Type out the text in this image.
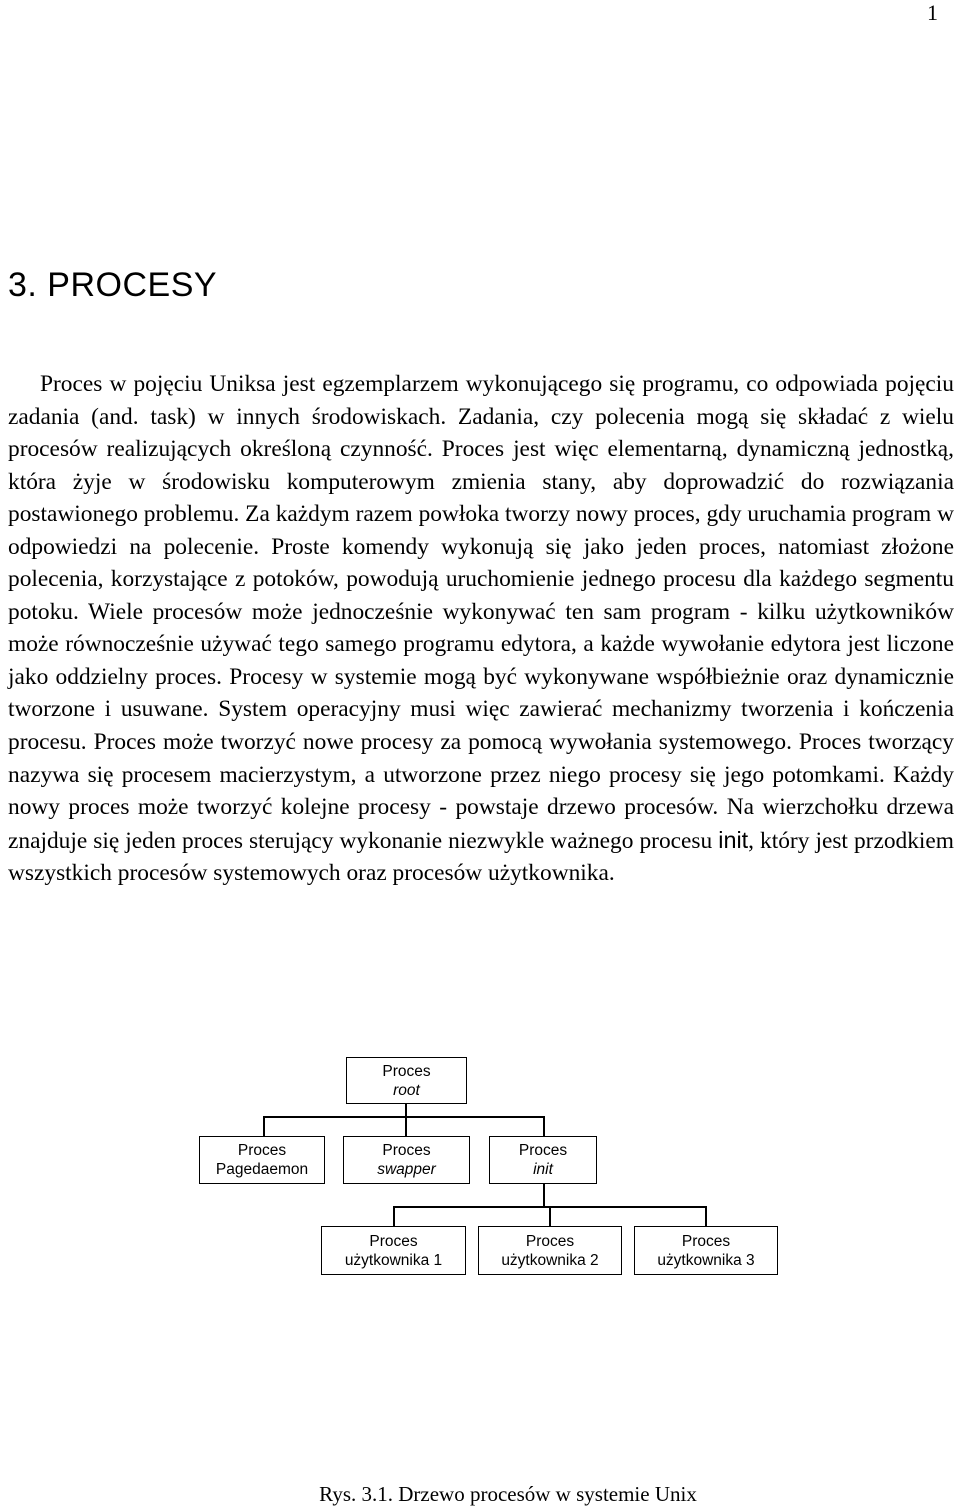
1
3. PROCESY

Proces w pojęciu Uniksa jest egzemplarzem wykonującego się programu, co odpowiada pojęciu zadania (and. task) w innych środowiskach. Zadania, czy polecenia mogą się składać z wielu procesów realizujących określoną czynność. Proces jest więc elementarną, dynamiczną jednostką, która żyje w środowisku komputerowym zmienia stany, aby doprowadzić do rozwiązania postawionego problemu. Za każdym razem powłoka tworzy nowy proces, gdy uruchamia program w odpowiedzi na polecenie. Proste komendy wykonują się jako jeden proces, natomiast złożone polecenia, korzystające z potoków, powodują uruchomienie jednego procesu dla każdego segmentu potoku. Wiele procesów może jednocześnie wykonywać ten sam program - kilku użytkowników może równocześnie używać tego samego programu edytora, a każde wywołanie edytora jest liczone jako oddzielny proces. Procesy w systemie mogą być wykonywane współbieżnie oraz dynamicznie tworzone i usuwane. System operacyjny musi więc zawierać mechanizmy tworzenia i kończenia procesu. Proces może tworzyć nowe procesy za pomocą wywołania systemowego. Proces tworzący nazywa się procesem macierzystym, a utworzone przez niego procesy się jego potomkami. Każdy nowy proces może tworzyć kolejne procesy - powstaje drzewo procesów. Na wierzchołku drzewa znajduje się jeden proces sterujący wykonanie niezwykle ważnego procesu init, który jest przodkiem wszystkich procesów systemowych oraz procesów użytkownika.

Proces
root
Proces
Pagedaemon
Proces
swapper
Proces
init
Proces
użytkownika 1
Proces
użytkownika 2
Proces
użytkownika 3
Rys. 3.1. Drzewo procesów w systemie Unix
